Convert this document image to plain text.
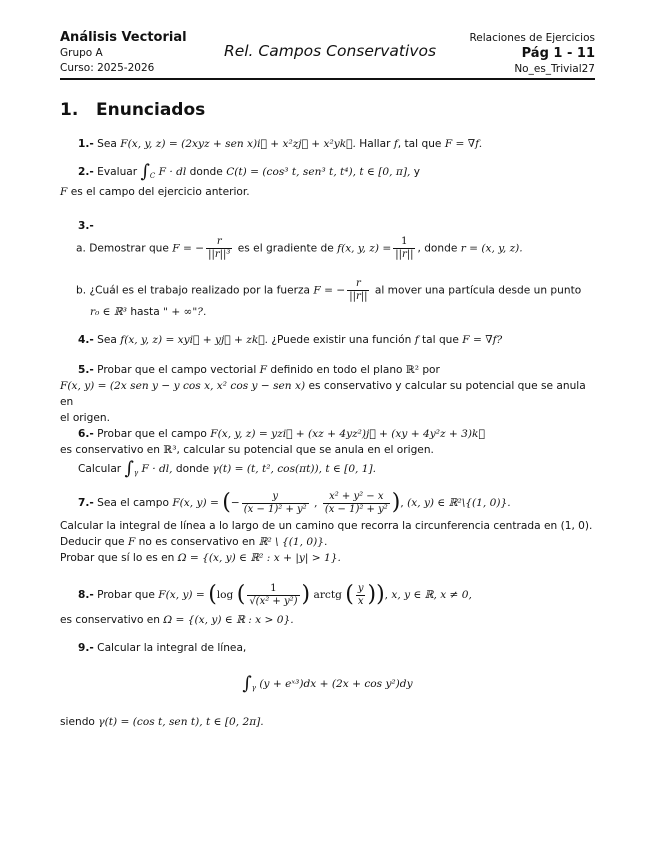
Análisis Vectorial
Grupo A
Curso: 2025-2026
Rel. Campos Conservativos
Relaciones de Ejercicios
Pág 1 - 11
No_es_Trivial27
1. Enunciados
1.- Sea F(x, y, z) = (2xyz + sen x)i⃗ + x²zj⃗ + x²yk⃗. Hallar f, tal que F = ∇f.
2.- Evaluar $\int_C$ F · dl donde C(t) = (cos³ t, sen³ t, t⁴), t ∈ [0, π], y
F es el campo del ejercicio anterior.
3.-
a. Demostrar que F = − $\frac{r}{\text{||r||³}}$ es el gradiente de f(x, y, $z) = \frac{1}{||r||}$ , donde r = (x, y, z).
b. ¿Cuál es el trabajo realizado por la fuerza F = − $\frac{r}{||r||}$ al mover una partícula desde un punto
r₀ ∈ ℝ³ hasta " + ∞"?.
4.- Sea f(x, y, z) = xyi⃗ + yj⃗ + zk⃗. ¿Puede existir una función f tal que F = ∇f?
5.- Probar que el campo vectorial F definido en todo el plano ℝ² por
F(x, y) = (2x sen y − y cos x, x² cos y − sen x) es conservativo y calcular su potencial que se anula en
el origen.
6.- Probar que el campo F(x, y, z) = yzi⃗ + (xz + 4yz²)j⃗ + (xy + 4y²z + 3)k⃗
es conservativo en ℝ³, calcular su potencial que se anula en el origen.
Calcular $\int_\gamma$ F · dl, donde γ(t) = (t, t², cos(πt)), t ∈ [0, 1].
7.- Sea el campo F(x, y) = (− $\frac{y}{\text{(x − 1)² + y²}}$ , $\frac{\text{x² + y² − x}}{\text{(x − 1)² + y²}}$ ), (x, y) ∈ ℝ²\{(1, 0)}.
Calcular la integral de línea a lo largo de un camino que recorra la circunferencia centrada en (1, 0).
Deducir que F no es conservativo en ℝ² \ {(1, 0)}.
Probar que sí lo es en Ω = {(x, y) ∈ ℝ² : x + |y| > 1}.
8.- Probar que F(x, y) = (log ( $\frac{1}{\text{√(x² + y²)}}$ ) arctg ( $\frac{y}{x}$ )), x, y ∈ ℝ, x ≠ 0,
es conservativo en Ω = {(x, y) ∈ ℝ : x > 0}.
9.- Calcular la integral de línea,
$\int_\gamma$ (y + eˣ³)dx + (2x + cos y²)dy
siendo γ(t) = (cos t, sen t), t ∈ [0, 2π].
